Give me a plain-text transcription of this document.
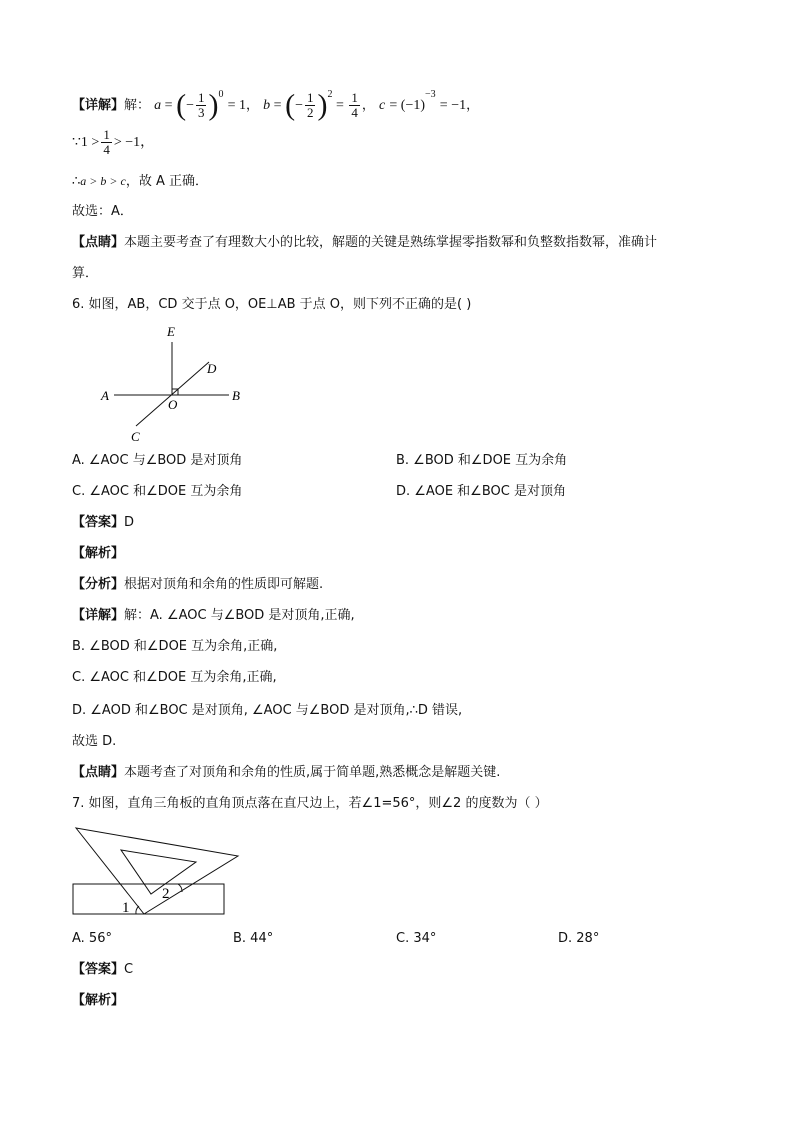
【详解】解： a = (− $\frac{1}{3} )^0 = 1$， b = (− $\frac{1}{2} )^2 = \frac{1}{4}$ ， $c = (-1)^{-3} = -1$，
∵1 > $\frac{1}{4} > -1$，
∴a > b > c，故 A 正确．
故选：A．
【点睛】本题主要考查了有理数大小的比较，解题的关键是熟练掌握零指数幂和负整数指数幂，准确计
算．
6. 如图，AB，CD 交于点 O，OE⊥AB 于点 O，则下列不正确的是( )
E
D
A
O
B
C
A. ∠AOC 与∠BOD 是对顶角	B. ∠BOD 和∠DOE 互为余角
C. ∠AOC 和∠DOE 互为余角	D. ∠AOE 和∠BOC 是对顶角
【答案】D
【解析】
【分析】根据对顶角和余角的性质即可解题.
【详解】解：A. ∠AOC 与∠BOD 是对顶角,正确,
B. ∠BOD 和∠DOE 互为余角,正确,
C. ∠AOC 和∠DOE 互为余角,正确,
D. ∠AOD 和∠BOC 是对顶角, ∠AOC 与∠BOD 是对顶角,∴D 错误,
故选 D.
【点睛】本题考查了对顶角和余角的性质,属于简单题,熟悉概念是解题关键.
7. 如图，直角三角板的直角顶点落在直尺边上，若∠1=56°，则∠2 的度数为（ ）
1
2
A. 56°	B. 44°	C. 34°	D. 28°
【答案】C
【解析】
